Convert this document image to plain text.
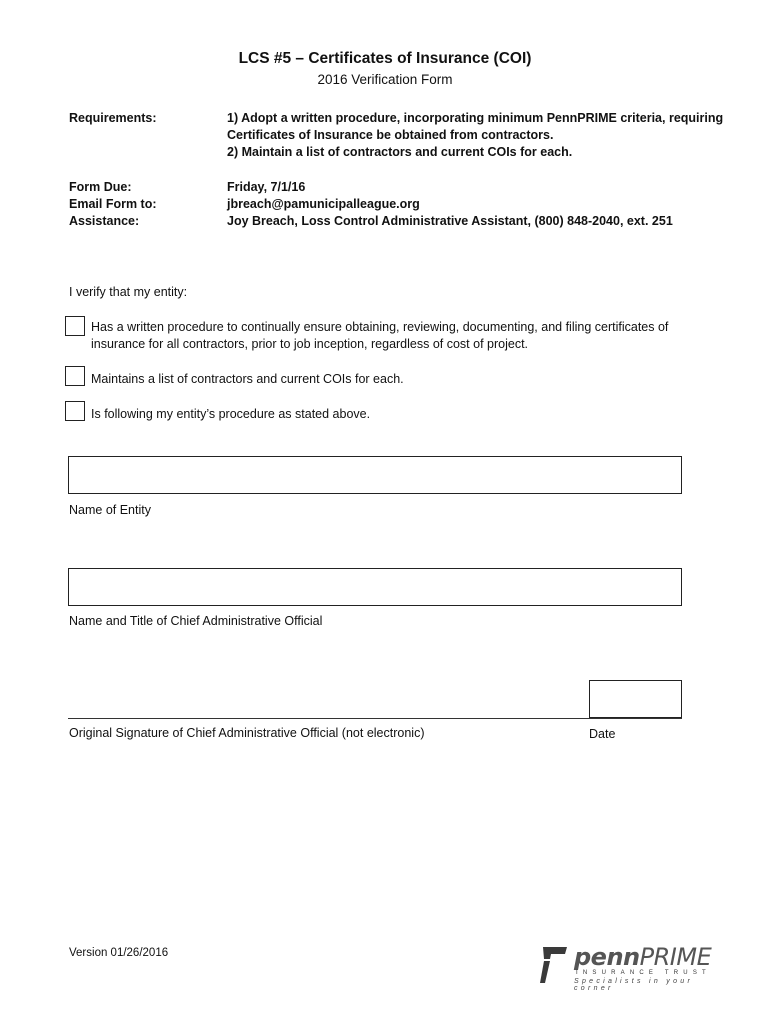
LCS #5 – Certificates of Insurance (COI)
2016 Verification Form
Requirements:	1) Adopt a written procedure, incorporating minimum PennPRIME criteria, requiring
Certificates of Insurance be obtained from contractors.
2) Maintain a list of contractors and current COIs for each.
Form Due:	Friday, 7/1/16
Email Form to:	jbreach@pamunicipalleague.org
Assistance:	Joy Breach, Loss Control Administrative Assistant, (800) 848-2040, ext. 251
I verify that my entity:
Has a written procedure to continually ensure obtaining, reviewing, documenting, and filing certificates of
insurance for all contractors, prior to job inception, regardless of cost of project.
Maintains a list of contractors and current COIs for each.
Is following my entity’s procedure as stated above.
Name of Entity
Name and Title of Chief Administrative Official
Original Signature of Chief Administrative Official (not electronic)	Date
Version 01/26/2016	pennPRIME
INSURANCE TRUST
Specialists in your corner
